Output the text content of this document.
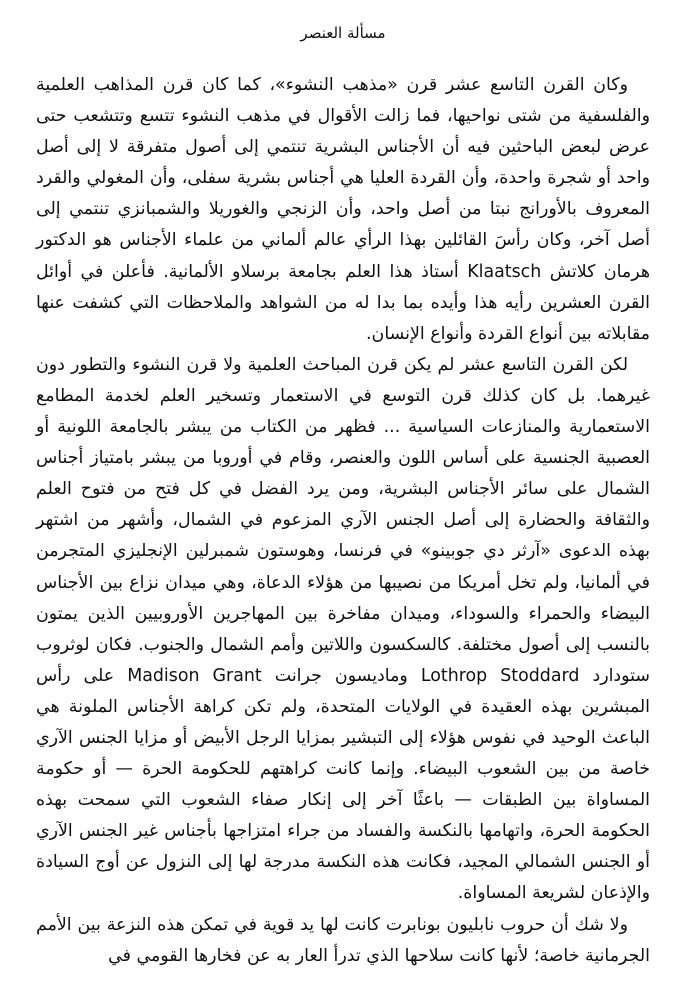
مسألة العنصر

وكان القرن التاسع عشر قرن «مذهب النشوء»، كما كان قرن المذاهب العلمية والفلسفية من شتى نواحيها، فما زالت الأقوال في مذهب النشوء تتسع وتتشعب حتى عرض لبعض الباحثين فيه أن الأجناس البشرية تنتمي إلى أصول متفرقة لا إلى أصل واحد أو شجرة واحدة، وأن القردة العليا هي أجناس بشرية سفلى، وأن المغولي والقرد المعروف بالأورانج نبتا من أصل واحد، وأن الزنجي والغوريلا والشمبانزي تنتمي إلى أصل آخر، وكان رأسَ القائلين بهذا الرأي عالم ألماني من علماء الأجناس هو الدكتور هرمان كلاتش Klaatsch أستاذ هذا العلم بجامعة برسلاو الألمانية. فأعلن في أوائل القرن العشرين رأيه هذا وأيده بما بدا له من الشواهد والملاحظات التي كشفت عنها مقابلاته بين أنواع القردة وأنواع الإنسان.

لكن القرن التاسع عشر لم يكن قرن المباحث العلمية ولا قرن النشوء والتطور دون غيرهما. بل كان كذلك قرن التوسع في الاستعمار وتسخير العلم لخدمة المطامع الاستعمارية والمنازعات السياسية ... فظهر من الكتاب من يبشر بالجامعة اللونية أو العصبية الجنسية على أساس اللون والعنصر، وقام في أوروبا من يبشر بامتياز أجناس الشمال على سائر الأجناس البشرية، ومن يرد الفضل في كل فتح من فتوح العلم والثقافة والحضارة إلى أصل الجنس الآري المزعوم في الشمال، وأشهر من اشتهر بهذه الدعوى «آرثر دي جوبينو» في فرنسا، وهوستون شمبرلين الإنجليزي المتجرمن في ألمانيا، ولم تخل أمريكا من نصيبها من هؤلاء الدعاة، وهي ميدان نزاع بين الأجناس البيضاء والحمراء والسوداء، وميدان مفاخرة بين المهاجرين الأوروبيين الذين يمتون بالنسب إلى أصول مختلفة. كالسكسون واللاتين وأمم الشمال والجنوب. فكان لوثروب ستودارد Lothrop Stoddard وماديسون جرانت Madison Grant على رأس المبشرين بهذه العقيدة في الولايات المتحدة، ولم تكن كراهة الأجناس الملونة هي الباعث الوحيد في نفوس هؤلاء إلى التبشير بمزايا الرجل الأبيض أو مزايا الجنس الآري خاصة من بين الشعوب البيضاء. وإنما كانت كراهتهم للحكومة الحرة — أو حكومة المساواة بين الطبقات — باعثًا آخر إلى إنكار صفاء الشعوب التي سمحت بهذه الحكومة الحرة، واتهامها بالنكسة والفساد من جراء امتزاجها بأجناس غير الجنس الآري أو الجنس الشمالي المجيد، فكانت هذه النكسة مدرجة لها إلى النزول عن أوج السيادة والإذعان لشريعة المساواة.

ولا شك أن حروب نابليون بونابرت كانت لها يد قوية في تمكن هذه النزعة بين الأمم الجرمانية خاصة؛ لأنها كانت سلاحها الذي تدرأ العار به عن فخارها القومي في
